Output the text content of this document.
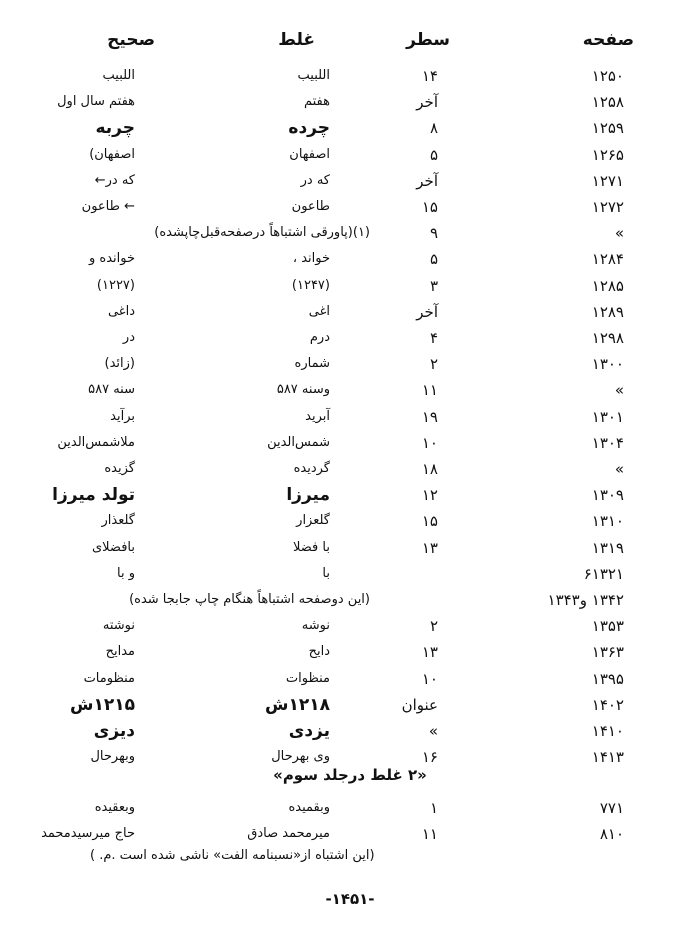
صفحه
سطر
غلط
صحیح
۱۲۵۰
۱۴
اللبیب
اللبیب
۱۲۵۸
آخر
هفتم
هفتم سال اول
۱۲۵۹
۸
چرده
چربه
۱۲۶۵
۵
اصفهان
اصفهان)
۱۲۷۱
آخر
که در
که در←
۱۲۷۲
۱۵
طاعون
← طاعون
»
۹
(۱)(پاورقی اشتباهاً درصفحه‌قبل‌چاپشده)
۱۲۸۴
۵
خواند ،
خوانده و
۱۲۸۵
۳
(۱۲۴۷)
(۱۲۲۷)
۱۲۸۹
آخر
اغی
داغی
۱۲۹۸
۴
درم
در
۱۳۰۰
۲
شماره
(زائد)
»
۱۱
وسنه ۵۸۷
سنه ۵۸۷
۱۳۰۱
۱۹
آبرید
برآید
۱۳۰۴
۱۰
شمس‌الدین
ملاشمس‌الدین
»
۱۸
گردیده
گزیده
۱۳۰۹
۱۲
میرزا
تولد میرزا
۱۳۱۰
۱۵
گلعزار
گلعذار
۱۳۱۹
۱۳
با فضلا
بافضلای
۶۱۳۲۱
با
و با
۱۳۴۲ و۱۳۴۳
(این دوصفحه اشتباهاً هنگام چاپ جابجا شده)
۱۳۵۳
۲
نوشه
نوشته
۱۳۶۳
۱۳
دایح
مدایح
۱۳۹۵
۱۰
منظوات
منظومات
۱۴۰۲
عنوان
۱۲۱۸ش
۱۲۱۵ش
۱۴۱۰
»
یزدی
دیزی
۱۴۱۳
۱۶
وی بهرحال
وبهرحال
«۲ غلط درجلد سوم»
۷۷۱
۱
وبقمیده
وبعقیده
۸۱۰
۱۱
میرمحمد صادق
حاج میرسیدمحمد
(این اشتباه از«نسبنامه الفت» ناشی شده است .م. )
-۱۴۵۱-
